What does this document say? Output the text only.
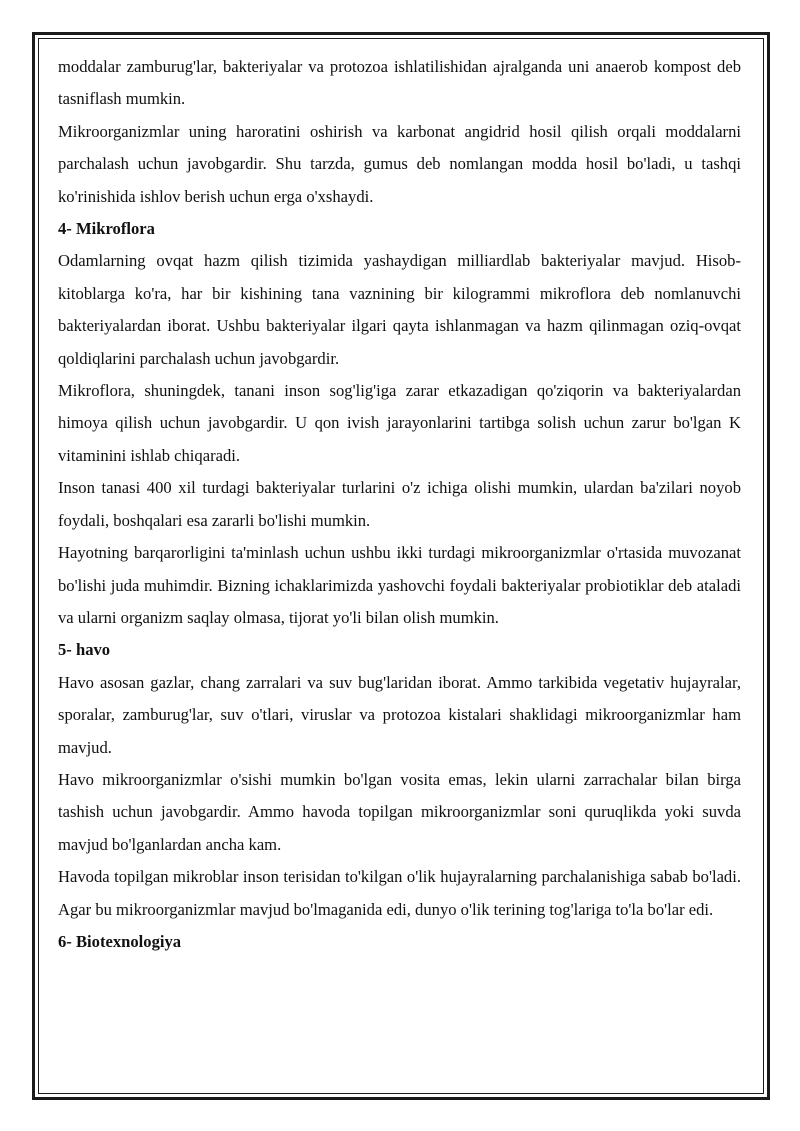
moddalar zamburug'lar, bakteriyalar va protozoa ishlatilishidan ajralganda uni anaerob kompost deb tasniflash mumkin.

Mikroorganizmlar uning haroratini oshirish va karbonat angidrid hosil qilish orqali moddalarni parchalash uchun javobgardir. Shu tarzda, gumus deb nomlangan modda hosil bo'ladi, u tashqi ko'rinishida ishlov berish uchun erga o'xshaydi.

4- Mikroflora

Odamlarning ovqat hazm qilish tizimida yashaydigan milliardlab bakteriyalar mavjud. Hisob-kitoblarga ko'ra, har bir kishining tana vaznining bir kilogrammi mikroflora deb nomlanuvchi bakteriyalardan iborat. Ushbu bakteriyalar ilgari qayta ishlanmagan va hazm qilinmagan oziq-ovqat qoldiqlarini parchalash uchun javobgardir.

Mikroflora, shuningdek, tanani inson sog'lig'iga zarar etkazadigan qo'ziqorin va bakteriyalardan himoya qilish uchun javobgardir. U qon ivish jarayonlarini tartibga solish uchun zarur bo'lgan K vitaminini ishlab chiqaradi.

Inson tanasi 400 xil turdagi bakteriyalar turlarini o'z ichiga olishi mumkin, ulardan ba'zilari noyob foydali, boshqalari esa zararli bo'lishi mumkin.

Hayotning barqarorligini ta'minlash uchun ushbu ikki turdagi mikroorganizmlar o'rtasida muvozanat bo'lishi juda muhimdir. Bizning ichaklarimizda yashovchi foydali bakteriyalar probiotiklar deb ataladi va ularni organizm saqlay olmasa, tijorat yo'li bilan olish mumkin.

5- havo

Havo asosan gazlar, chang zarralari va suv bug'laridan iborat. Ammo tarkibida vegetativ hujayralar, sporalar, zamburug'lar, suv o'tlari, viruslar va protozoa kistalari shaklidagi mikroorganizmlar ham mavjud.

Havo mikroorganizmlar o'sishi mumkin bo'lgan vosita emas, lekin ularni zarrachalar bilan birga tashish uchun javobgardir. Ammo havoda topilgan mikroorganizmlar soni quruqlikda yoki suvda mavjud bo'lganlardan ancha kam.

Havoda topilgan mikroblar inson terisidan to'kilgan o'lik hujayralarning parchalanishiga sabab bo'ladi. Agar bu mikroorganizmlar mavjud bo'lmaganida edi, dunyo o'lik terining tog'lariga to'la bo'lar edi.

6- Biotexnologiya
